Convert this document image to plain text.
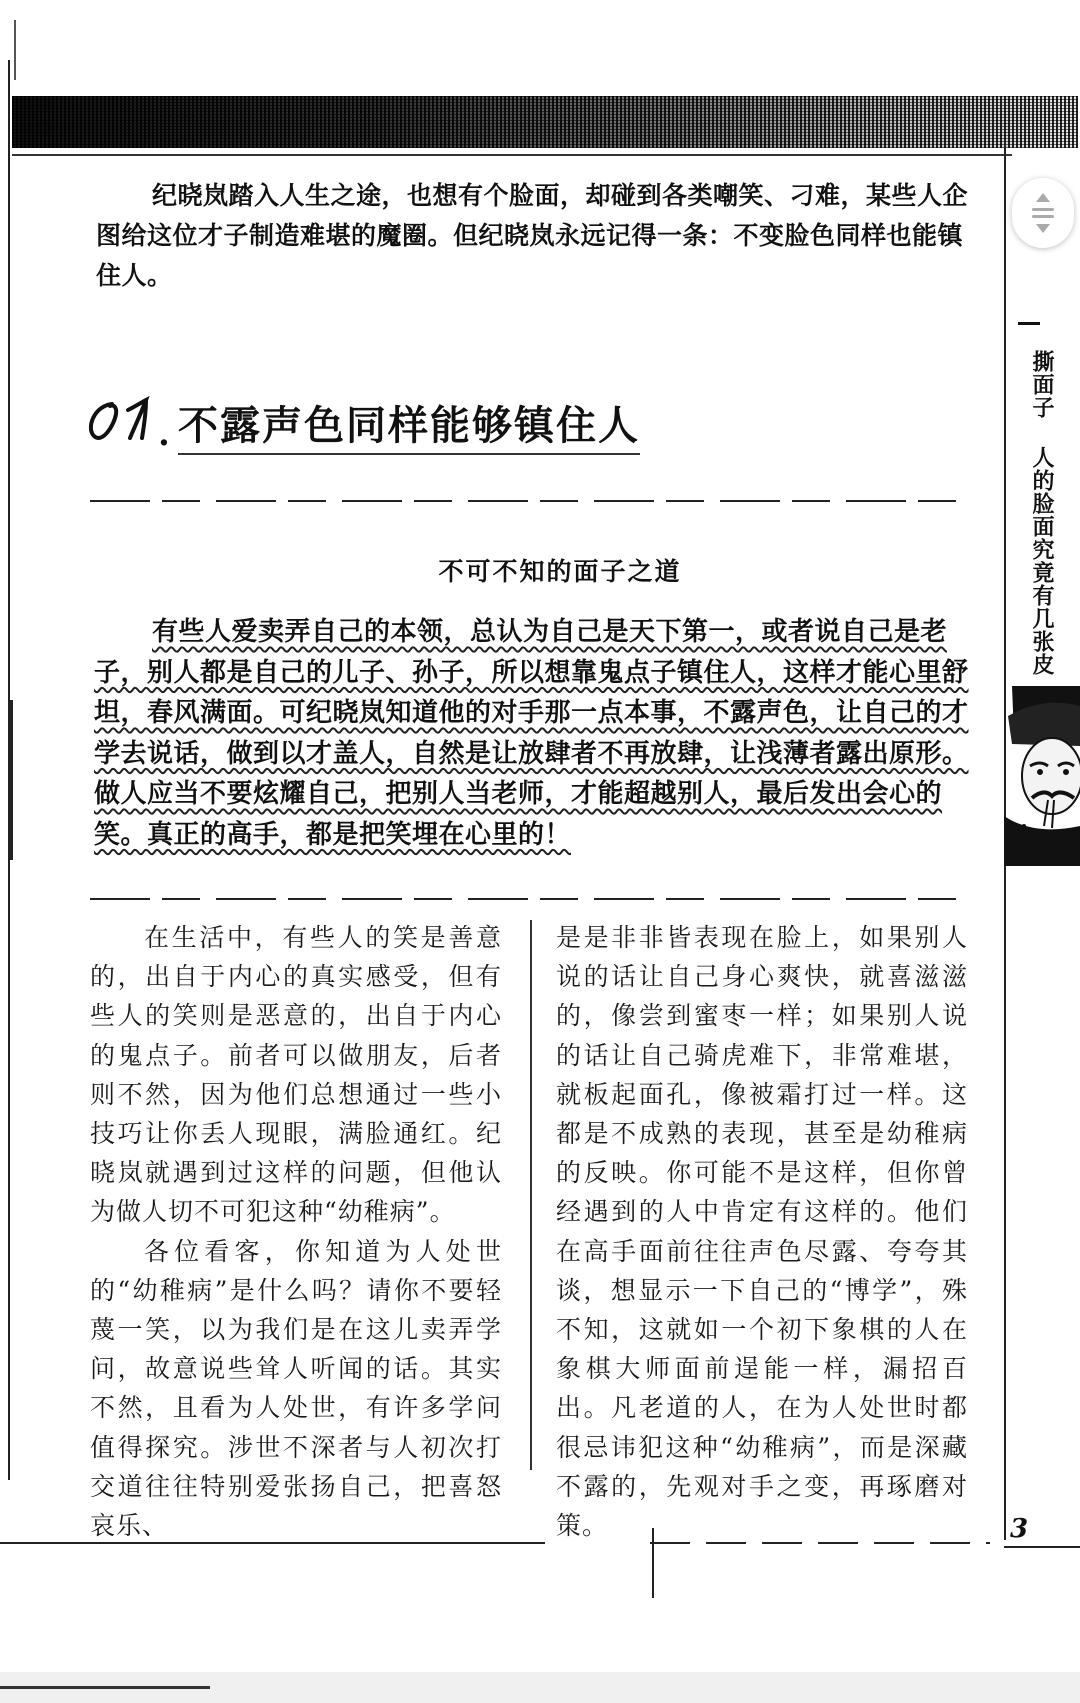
撕面子 人的脸面究竟有几张皮

纪晓岚踏入人生之途，也想有个脸面，却碰到各类嘲笑、刁难，某些人企图给这位才子制造难堪的魔圈。但纪晓岚永远记得一条：不变脸色同样也能镇住人。

. 不露声色同样能够镇住人
不可不知的面子之道

有些人爱卖弄自己的本领，总认为自己是天下第一，或者说自己是老子，别人都是自己的儿子、孙子，所以想靠鬼点子镇住人，这样才能心里舒坦，春风满面。可纪晓岚知道他的对手那一点本事，不露声色，让自己的才学去说话，做到以才盖人，自然是让放肆者不再放肆，让浅薄者露出原形。做人应当不要炫耀自己，把别人当老师，才能超越别人，最后发出会心的笑。真正的高手，都是把笑埋在心里的！

在生活中，有些人的笑是善意的，出自于内心的真实感受，但有些人的笑则是恶意的，出自于内心的鬼点子。前者可以做朋友，后者则不然，因为他们总想通过一些小技巧让你丢人现眼，满脸通红。纪晓岚就遇到过这样的问题，但他认为做人切不可犯这种“幼稚病”。

各位看客，你知道为人处世的“幼稚病”是什么吗？请你不要轻蔑一笑，以为我们是在这儿卖弄学问，故意说些耸人听闻的话。其实不然，且看为人处世，有许多学问值得探究。涉世不深者与人初次打交道往往特别爱张扬自己，把喜怒哀乐、

是是非非皆表现在脸上，如果别人说的话让自己身心爽快，就喜滋滋的，像尝到蜜枣一样；如果别人说的话让自己骑虎难下，非常难堪，就板起面孔，像被霜打过一样。这都是不成熟的表现，甚至是幼稚病的反映。你可能不是这样，但你曾经遇到的人中肯定有这样的。他们在高手面前往往声色尽露、夸夸其谈，想显示一下自己的“博学”，殊不知，这就如一个初下象棋的人在象棋大师面前逞能一样，漏招百出。凡老道的人，在为人处世时都很忌讳犯这种“幼稚病”，而是深藏不露的，先观对手之变，再琢磨对策。	3
